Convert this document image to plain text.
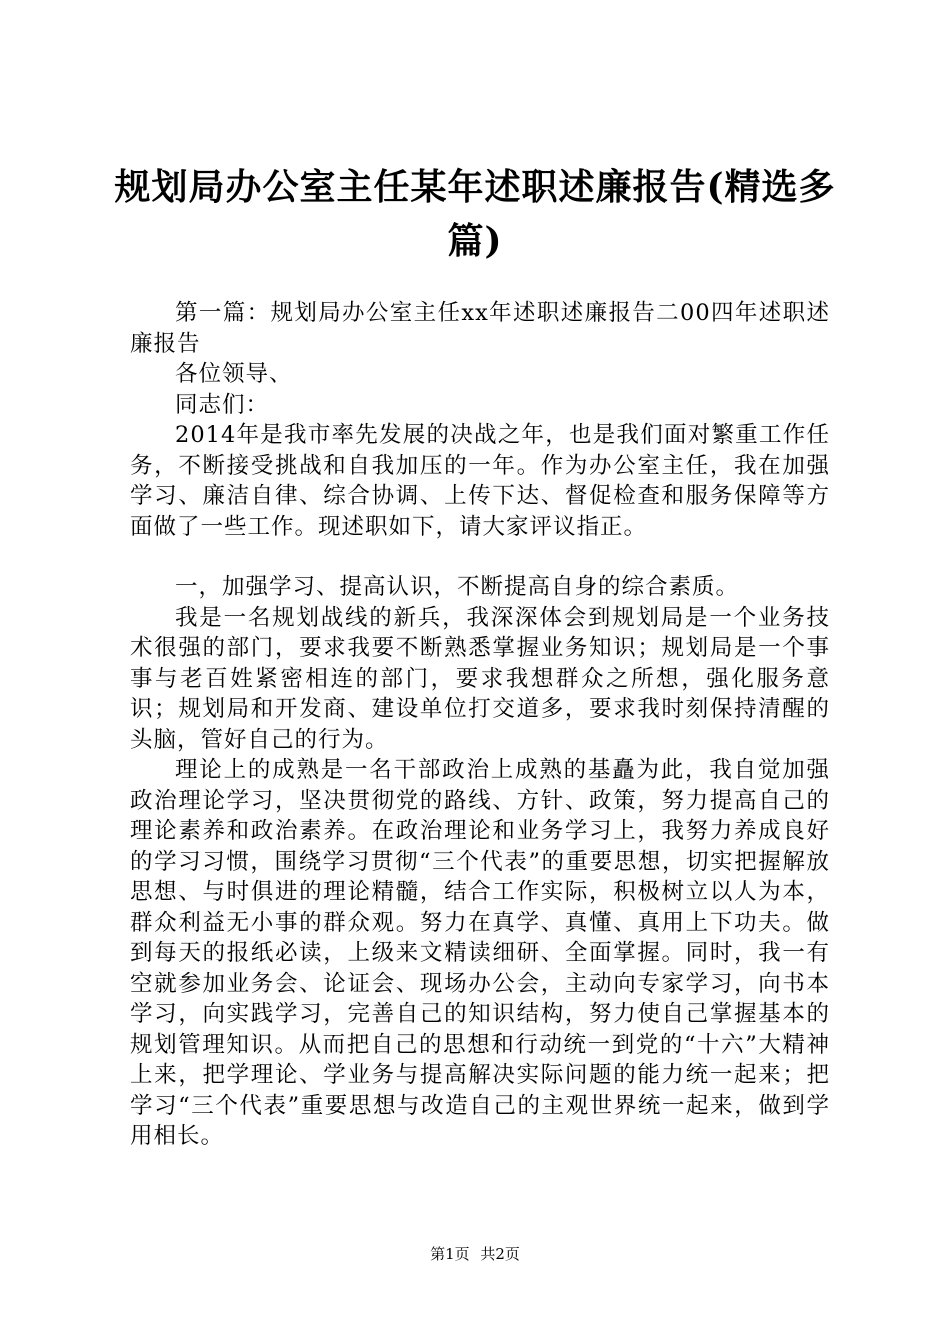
规划局办公室主任某年述职述廉报告(精选多篇)

第一篇：规划局办公室主任xx年述职述廉报告二00四年述职述廉报告

各位领导、

同志们：

2014年是我市率先发展的决战之年，也是我们面对繁重工作任务，不断接受挑战和自我加压的一年。作为办公室主任，我在加强学习、廉洁自律、综合协调、上传下达、督促检查和服务保障等方面做了一些工作。现述职如下，请大家评议指正。

一，加强学习、提高认识，不断提高自身的综合素质。

我是一名规划战线的新兵，我深深体会到规划局是一个业务技术很强的部门，要求我要不断熟悉掌握业务知识；规划局是一个事事与老百姓紧密相连的部门，要求我想群众之所想，强化服务意识；规划局和开发商、建设单位打交道多，要求我时刻保持清醒的头脑，管好自己的行为。

理论上的成熟是一名干部政治上成熟的基矗为此，我自觉加强政治理论学习，坚决贯彻党的路线、方针、政策，努力提高自己的理论素养和政治素养。在政治理论和业务学习上，我努力养成良好的学习习惯，围绕学习贯彻“三个代表”的重要思想，切实把握解放思想、与时俱进的理论精髓，结合工作实际，积极树立以人为本，群众利益无小事的群众观。努力在真学、真懂、真用上下功夫。做到每天的报纸必读，上级来文精读细研、全面掌握。同时，我一有空就参加业务会、论证会、现场办公会，主动向专家学习，向书本学习，向实践学习，完善自己的知识结构，努力使自己掌握基本的规划管理知识。从而把自己的思想和行动统一到党的“十六”大精神上来，把学理论、学业务与提高解决实际问题的能力统一起来；把学习“三个代表”重要思想与改造自己的主观世界统一起来，做到学用相长。

第1页 共2页
